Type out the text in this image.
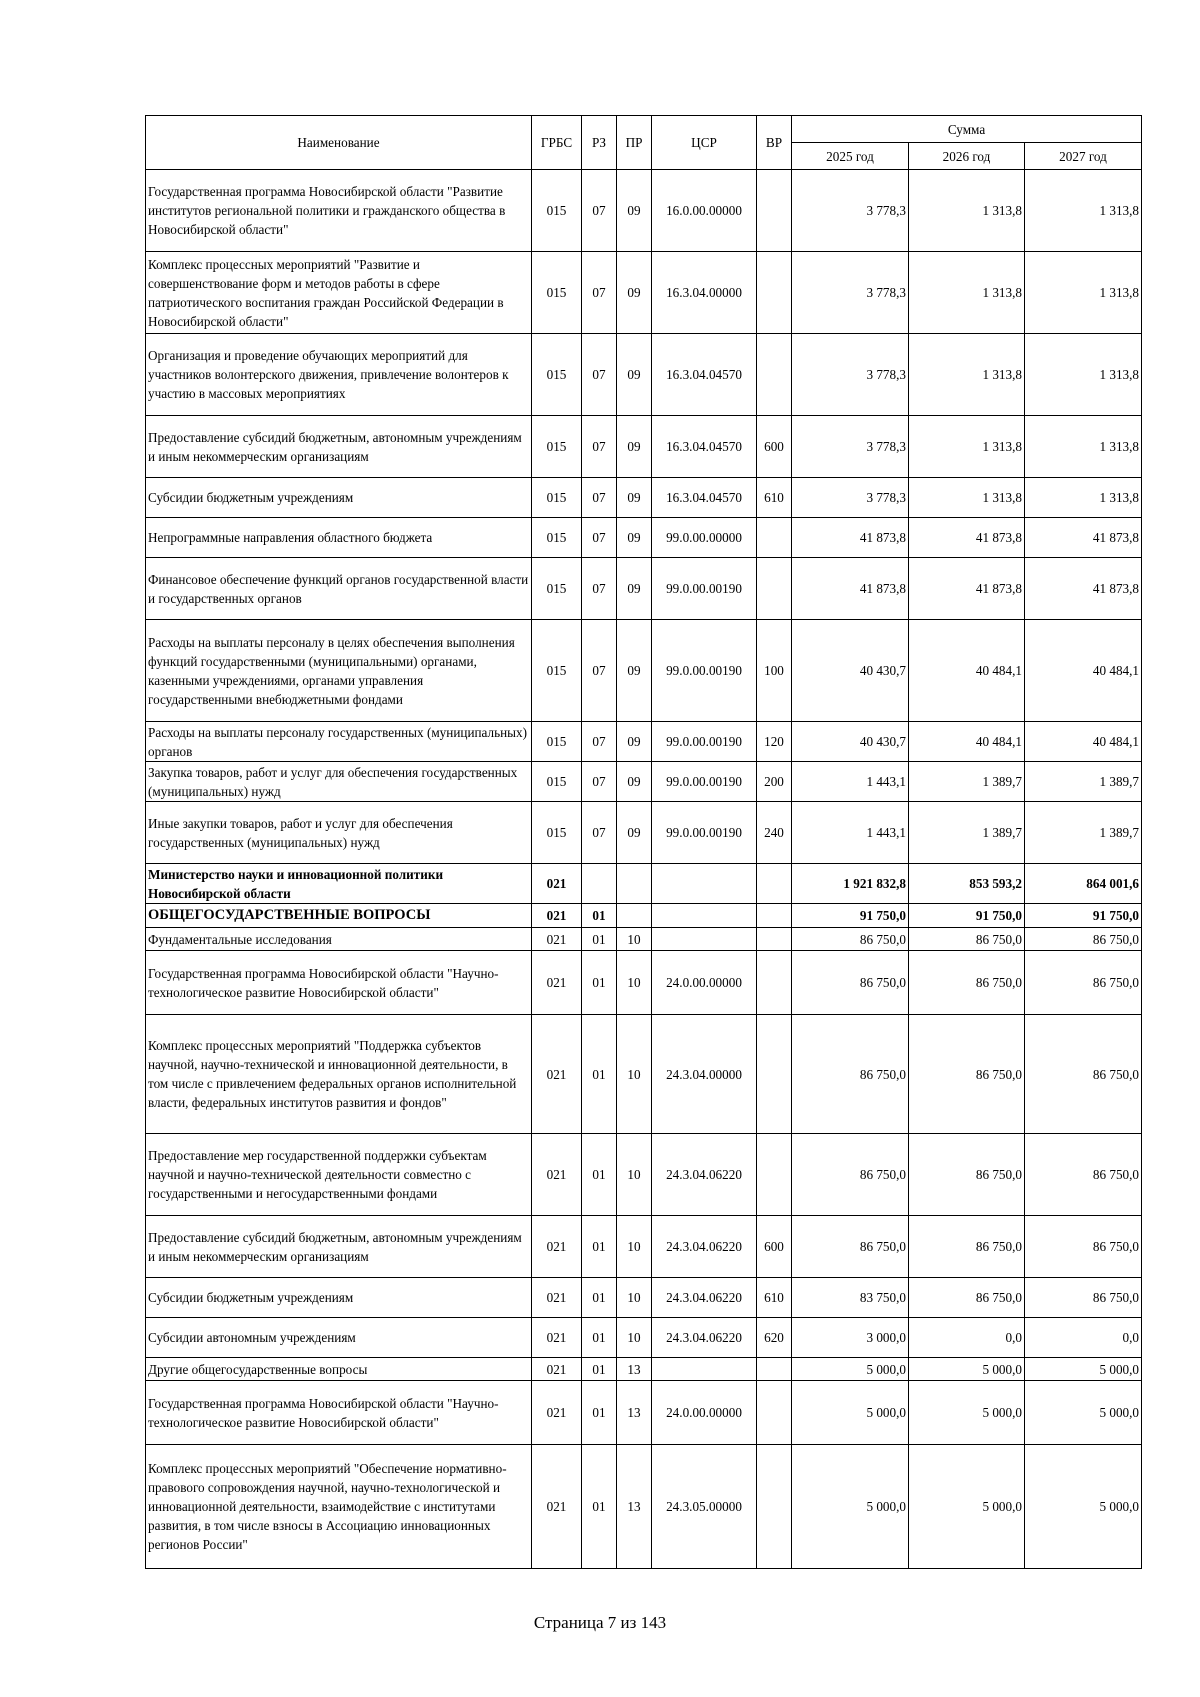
Наименование	ГРБС	РЗ	ПР	ЦСР	ВР	Сумма		
						2025 год	2026 год	2027 год
Государственная программа Новосибирской области "Развитие институтов региональной политики и гражданского общества в Новосибирской области"	015	07	09	16.0.00.00000		3 778,3	1 313,8	1 313,8
Комплекс процессных мероприятий "Развитие и совершенствование форм и методов работы в сфере патриотического воспитания граждан Российской Федерации в Новосибирской области"	015	07	09	16.3.04.00000		3 778,3	1 313,8	1 313,8
Организация и проведение обучающих мероприятий для участников волонтерского движения, привлечение волонтеров к участию в массовых мероприятиях	015	07	09	16.3.04.04570		3 778,3	1 313,8	1 313,8
Предоставление субсидий бюджетным, автономным учреждениям и иным некоммерческим организациям	015	07	09	16.3.04.04570	600	3 778,3	1 313,8	1 313,8
Субсидии бюджетным учреждениям	015	07	09	16.3.04.04570	610	3 778,3	1 313,8	1 313,8
Непрограммные направления областного бюджета	015	07	09	99.0.00.00000		41 873,8	41 873,8	41 873,8
Финансовое обеспечение функций органов государственной власти и государственных органов	015	07	09	99.0.00.00190		41 873,8	41 873,8	41 873,8
Расходы на выплаты персоналу в целях обеспечения выполнения функций государственными (муниципальными) органами, казенными учреждениями, органами управления государственными внебюджетными фондами	015	07	09	99.0.00.00190	100	40 430,7	40 484,1	40 484,1
Расходы на выплаты персоналу государственных (муниципальных) органов	015	07	09	99.0.00.00190	120	40 430,7	40 484,1	40 484,1
Закупка товаров, работ и услуг для обеспечения государственных (муниципальных) нужд	015	07	09	99.0.00.00190	200	1 443,1	1 389,7	1 389,7
Иные закупки товаров, работ и услуг для обеспечения государственных (муниципальных) нужд	015	07	09	99.0.00.00190	240	1 443,1	1 389,7	1 389,7
Министерство науки и инновационной политики Новосибирской области	021					1 921 832,8	853 593,2	864 001,6
ОБЩЕГОСУДАРСТВЕННЫЕ ВОПРОСЫ	021	01				91 750,0	91 750,0	91 750,0
Фундаментальные исследования	021	01	10			86 750,0	86 750,0	86 750,0
Государственная программа Новосибирской области "Научно-технологическое развитие Новосибирской области"	021	01	10	24.0.00.00000		86 750,0	86 750,0	86 750,0
Комплекс процессных мероприятий "Поддержка субъектов научной, научно-технической и инновационной деятельности, в том числе с привлечением федеральных органов исполнительной власти, федеральных институтов развития и фондов"	021	01	10	24.3.04.00000		86 750,0	86 750,0	86 750,0
Предоставление мер государственной поддержки субъектам научной и научно-технической деятельности совместно с государственными и негосударственными фондами	021	01	10	24.3.04.06220		86 750,0	86 750,0	86 750,0
Предоставление субсидий бюджетным, автономным учреждениям и иным некоммерческим организациям	021	01	10	24.3.04.06220	600	86 750,0	86 750,0	86 750,0
Субсидии бюджетным учреждениям	021	01	10	24.3.04.06220	610	83 750,0	86 750,0	86 750,0
Субсидии автономным учреждениям	021	01	10	24.3.04.06220	620	3 000,0	0,0	0,0
Другие общегосударственные вопросы	021	01	13			5 000,0	5 000,0	5 000,0
Государственная программа Новосибирской области "Научно-технологическое развитие Новосибирской области"	021	01	13	24.0.00.00000		5 000,0	5 000,0	5 000,0
Комплекс процессных мероприятий "Обеспечение нормативно-правового сопровождения научной, научно-технологической и инновационной деятельности, взаимодействие с институтами развития, в том числе взносы в Ассоциацию инновационных регионов России"	021	01	13	24.3.05.00000		5 000,0	5 000,0	5 000,0
Страница 7 из 143
